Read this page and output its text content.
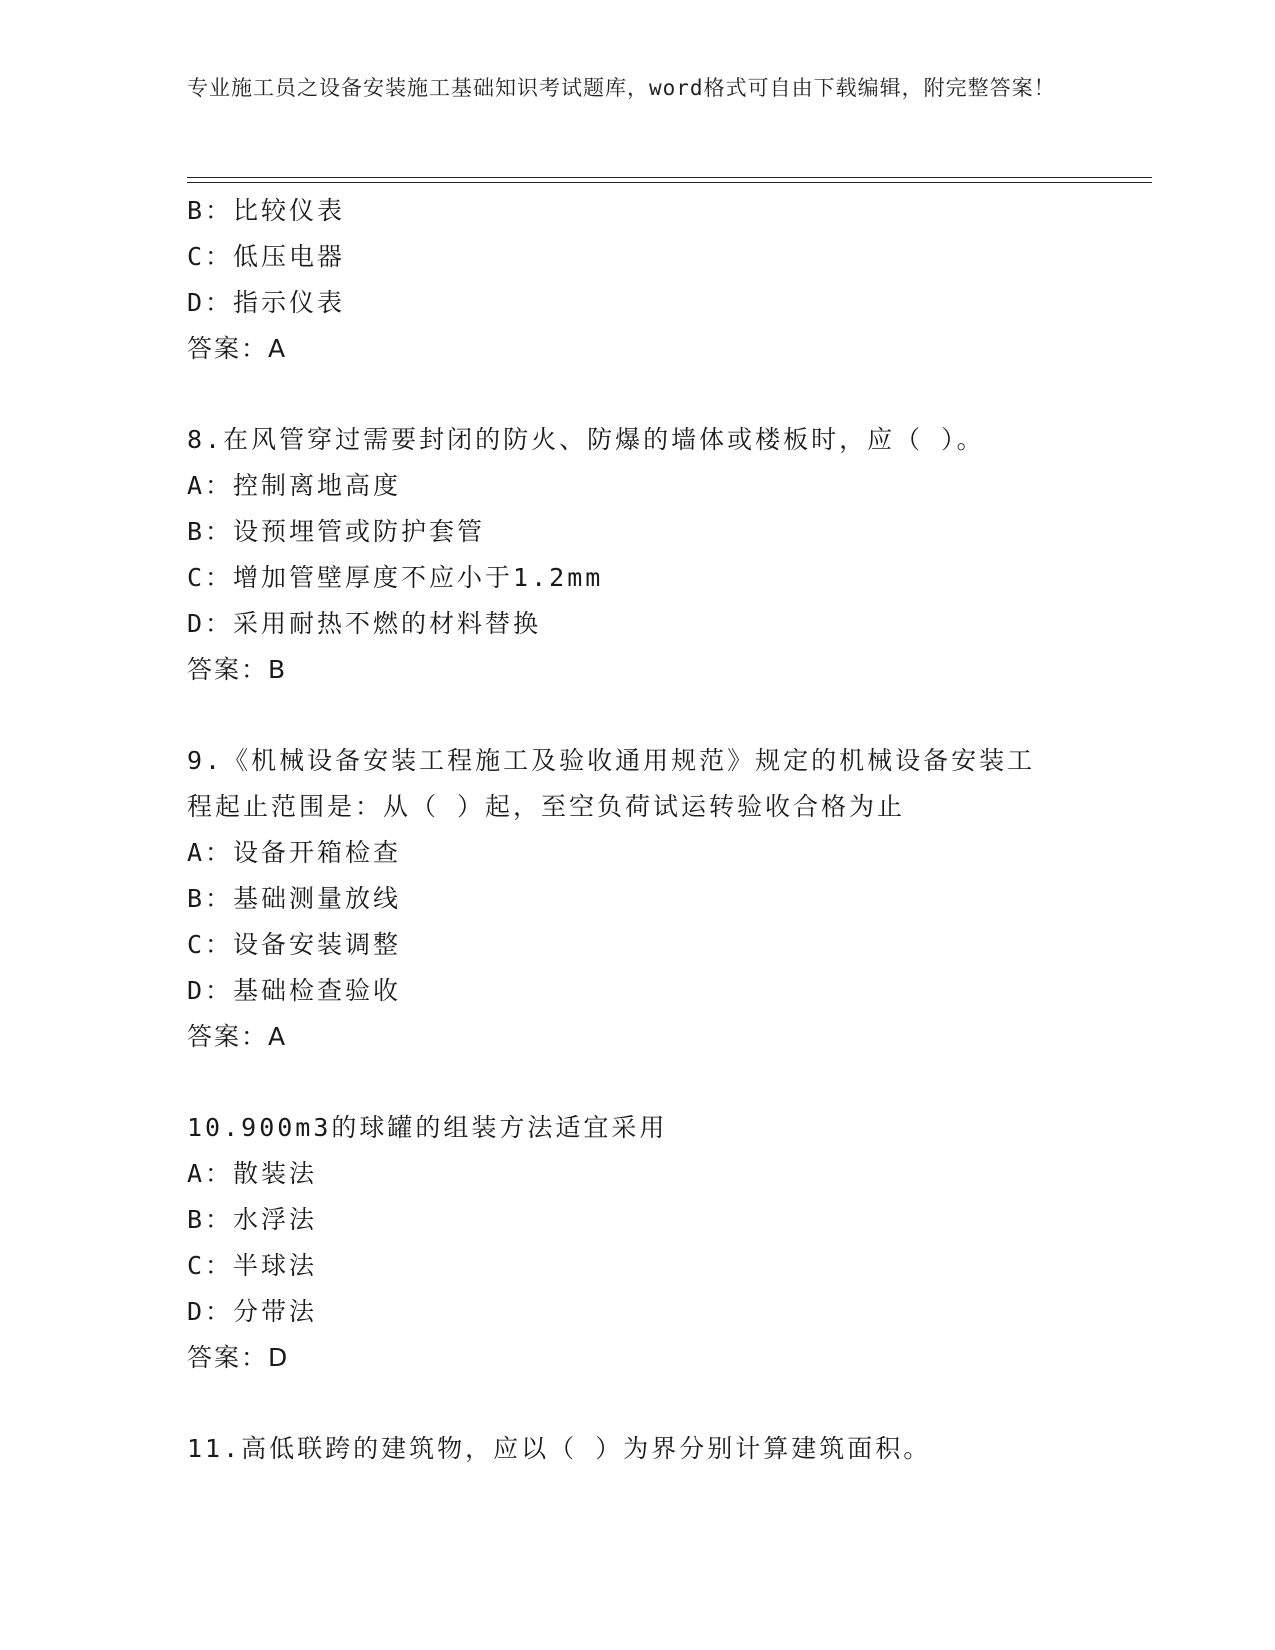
专业施工员之设备安装施工基础知识考试题库，word格式可自由下载编辑，附完整答案！
B：比较仪表
C：低压电器
D：指示仪表
答案：A
8.在风管穿过需要封闭的防火、防爆的墙体或楼板时，应（ ）。
A：控制离地高度
B：设预埋管或防护套管
C：增加管壁厚度不应小于1.2mm
D：采用耐热不燃的材料替换
答案：B
9.《机械设备安装工程施工及验收通用规范》规定的机械设备安装工
程起止范围是：从（ ）起，至空负荷试运转验收合格为止
A：设备开箱检查
B：基础测量放线
C：设备安装调整
D：基础检查验收
答案：A
10.900m3的球罐的组装方法适宜采用
A：散装法
B：水浮法
C：半球法
D：分带法
答案：D
11.高低联跨的建筑物，应以（ ）为界分别计算建筑面积。
